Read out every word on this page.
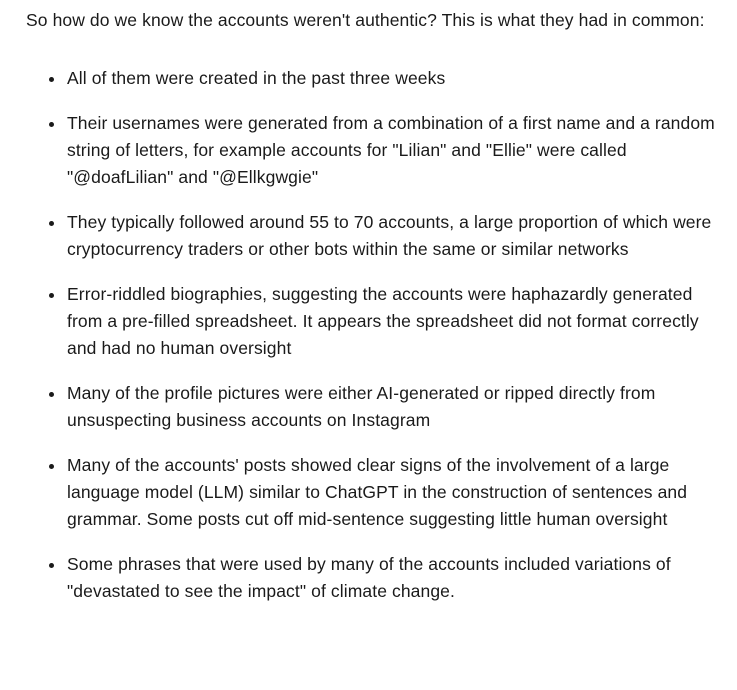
So how do we know the accounts weren't authentic? This is what they had in common:

All of them were created in the past three weeks
Their usernames were generated from a combination of a first name and a random string of letters, for example accounts for "Lilian" and "Ellie" were called "@doafLilian" and "@Ellkgwgie"
They typically followed around 55 to 70 accounts, a large proportion of which were cryptocurrency traders or other bots within the same or similar networks
Error-riddled biographies, suggesting the accounts were haphazardly generated from a pre-filled spreadsheet. It appears the spreadsheet did not format correctly and had no human oversight
Many of the profile pictures were either AI-generated or ripped directly from unsuspecting business accounts on Instagram
Many of the accounts' posts showed clear signs of the involvement of a large language model (LLM) similar to ChatGPT in the construction of sentences and grammar. Some posts cut off mid-sentence suggesting little human oversight
Some phrases that were used by many of the accounts included variations of "devastated to see the impact" of climate change.
